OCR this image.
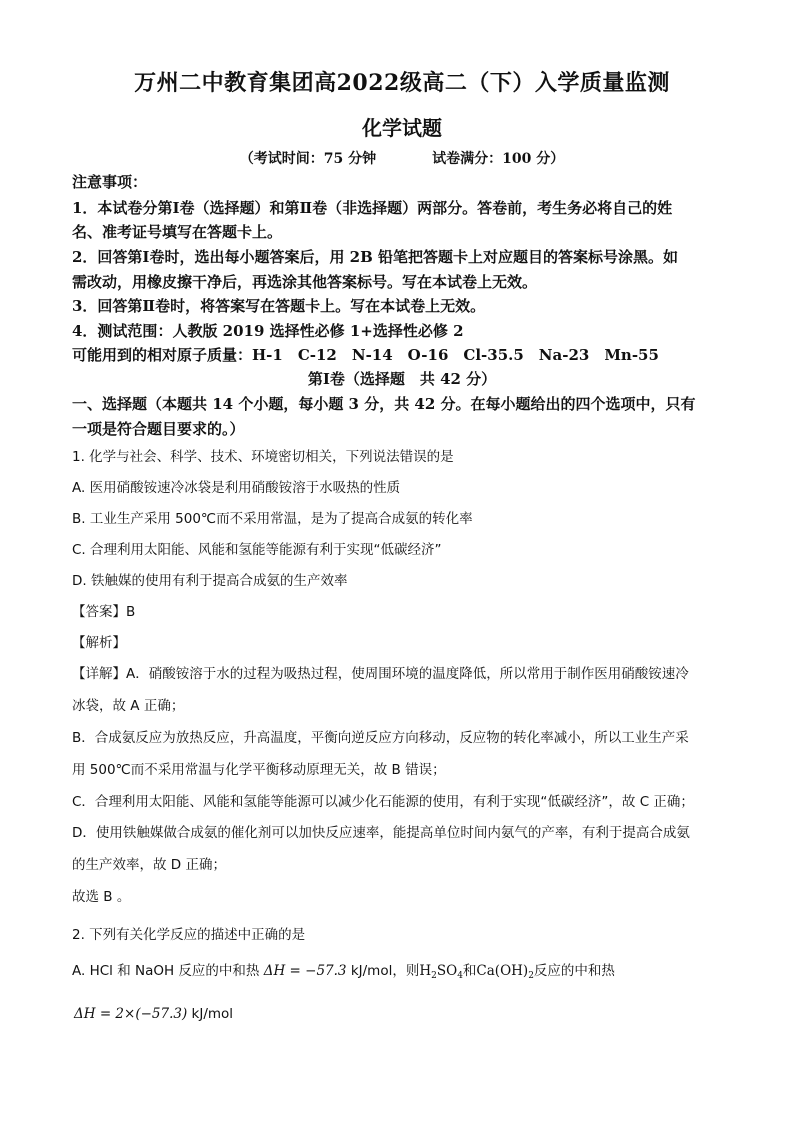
万州二中教育集团高2022级高二（下）入学质量监测
化学试题
（考试时间：75 分钟	试卷满分：100 分）
注意事项：
1．本试卷分第Ⅰ卷（选择题）和第Ⅱ卷（非选择题）两部分。答卷前，考生务必将自己的姓
名、准考证号填写在答题卡上。
2．回答第Ⅰ卷时，选出每小题答案后，用 2B 铅笔把答题卡上对应题目的答案标号涂黑。如
需改动，用橡皮擦干净后，再选涂其他答案标号。写在本试卷上无效。
3．回答第Ⅱ卷时，将答案写在答题卡上。写在本试卷上无效。
4．测试范围：人教版 2019 选择性必修 1+选择性必修 2
可能用到的相对原子质量：H-1　C-12　N-14　O-16　Cl-35.5　Na-23　Mn-55
第Ⅰ卷（选择题　共 42 分）
一、选择题（本题共 14 个小题，每小题 3 分，共 42 分。在每小题给出的四个选项中，只有
一项是符合题目要求的。）
1. 化学与社会、科学、技术、环境密切相关，下列说法错误的是
A. 医用硝酸铵速冷冰袋是利用硝酸铵溶于水吸热的性质
B. 工业生产采用 500℃而不采用常温，是为了提高合成氨的转化率
C. 合理利用太阳能、风能和氢能等能源有利于实现“低碳经济”
D. 铁触媒的使用有利于提高合成氨的生产效率
【答案】B
【解析】
【详解】A．硝酸铵溶于水的过程为吸热过程，使周围环境的温度降低，所以常用于制作医用硝酸铵速冷
冰袋，故 A 正确；
B．合成氨反应为放热反应，升高温度，平衡向逆反应方向移动，反应物的转化率减小，所以工业生产采
用 500℃而不采用常温与化学平衡移动原理无关，故 B 错误；
C．合理利用太阳能、风能和氢能等能源可以减少化石能源的使用，有利于实现“低碳经济”，故 C 正确；
D．使用铁触媒做合成氨的催化剂可以加快反应速率，能提高单位时间内氨气的产率，有利于提高合成氨
的生产效率，故 D 正确；
故选 B 。
2. 下列有关化学反应的描述中正确的是
A. HCl 和 NaOH 反应的中和热 ΔH = −57.3 kJ/mol，则$H_2SO_4$和$Ca(OH)_2$反应的中和热
ΔH = 2×(−57.3) kJ/mol
